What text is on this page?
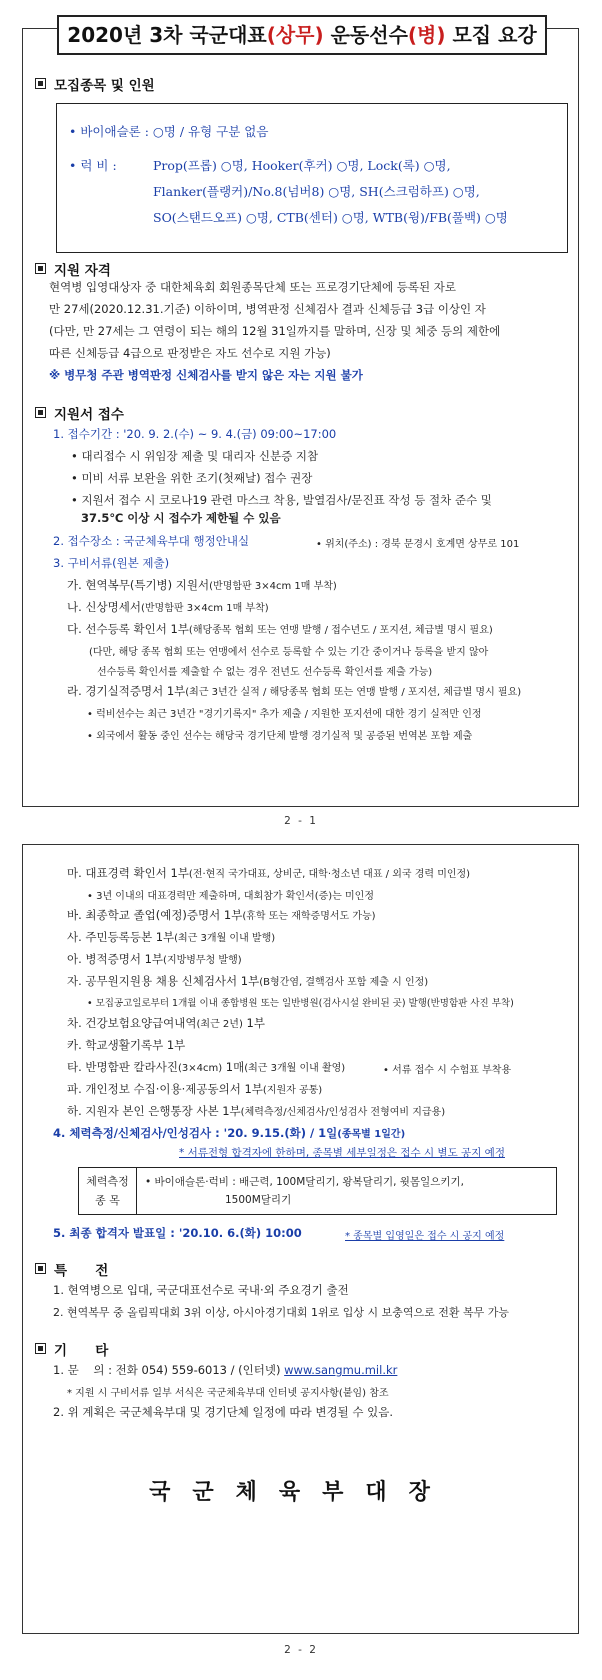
2020년 3차 국군대표(상무) 운동선수(병) 모집 요강
모집종목 및 인원
• 바이애슬론 : ○명 / 유형 구분 없음
• 럭 비 :	Prop(프롭) ○명, Hooker(후커) ○명, Lock(록) ○명,
Flanker(플랭커)/No.8(넘버8) ○명, SH(스크럼하프) ○명,
SO(스탠드오프) ○명, CTB(센터) ○명, WTB(윙)/FB(풀백) ○명
지원 자격
현역병 입영대상자 중 대한체육회 회원종목단체 또는 프로경기단체에 등록된 자로
만 27세(2020.12.31.기준) 이하이며, 병역판정 신체검사 결과 신체등급 3급 이상인 자
(다만, 만 27세는 그 연령이 되는 해의 12월 31일까지를 말하며, 신장 및 체중 등의 제한에
따른 신체등급 4급으로 판정받은 자도 선수로 지원 가능)
※ 병무청 주관 병역판정 신체검사를 받지 않은 자는 지원 불가
지원서 접수
1. 접수기간 : '20. 9. 2.(수) ~ 9. 4.(금) 09:00~17:00
• 대리접수 시 위임장 제출 및 대리자 신분증 지참
• 미비 서류 보완을 위한 조기(첫째날) 접수 권장
• 지원서 접수 시 코로나19 관련 마스크 착용, 발열검사/문진표 작성 등 절차 준수 및
37.5℃ 이상 시 접수가 제한될 수 있음
2. 접수장소 : 국군체육부대 행정안내실	• 위치(주소) : 경북 문경시 호계면 상무로 101
3. 구비서류(원본 제출)
가. 현역복무(특기병) 지원서(반명함판 3×4cm 1매 부착)
나. 신상명세서(반명함판 3×4cm 1매 부착)
다. 선수등록 확인서 1부(해당종목 협회 또는 연맹 발행 / 접수년도 / 포지션, 체급별 명시 필요)
(다만, 해당 종목 협회 또는 연맹에서 선수로 등록할 수 있는 기간 중이거나 등록을 받지 않아
선수등록 확인서를 제출할 수 없는 경우 전년도 선수등록 확인서를 제출 가능)
라. 경기실적증명서 1부(최근 3년간 실적 / 해당종목 협회 또는 연맹 발행 / 포지션, 체급별 명시 필요)
• 럭비선수는 최근 3년간 "경기기록지" 추가 제출 / 지원한 포지션에 대한 경기 실적만 인정
• 외국에서 활동 중인 선수는 해당국 경기단체 발행 경기실적 및 공증된 번역본 포함 제출
2 - 1
마. 대표경력 확인서 1부(전·현직 국가대표, 상비군, 대학·청소년 대표 / 외국 경력 미인정)
• 3년 이내의 대표경력만 제출하며, 대회참가 확인서(증)는 미인정
바. 최종학교 졸업(예정)증명서 1부(휴학 또는 재학증명서도 가능)
사. 주민등록등본 1부(최근 3개월 이내 발행)
아. 병적증명서 1부(지방병무청 발행)
자. 공무원지원용 채용 신체검사서 1부(B형간염, 결핵검사 포함 제출 시 인정)
• 모집공고일로부터 1개월 이내 종합병원 또는 일반병원(검사시설 완비된 곳) 발행(반명함판 사진 부착)
차. 건강보험요양급여내역(최근 2년) 1부
카. 학교생활기록부 1부
타. 반명함판 칼라사진(3×4cm) 1매(최근 3개월 이내 촬영)	• 서류 접수 시 수험표 부착용
파. 개인정보 수집·이용·제공동의서 1부(지원자 공통)
하. 지원자 본인 은행통장 사본 1부(체력측정/신체검사/인성검사 전형여비 지급용)
4. 체력측정/신체검사/인성검사 : '20. 9.15.(화) / 1일(종목별 1일간)
* 서류전형 합격자에 한하며, 종목별 세부일정은 접수 시 별도 공지 예정
체력측정
종 목
• 바이애슬론·럭비 : 배근력, 100M달리기, 왕복달리기, 윗몸일으키기,
1500M달리기
5. 최종 합격자 발표일 : '20.10. 6.(화) 10:00	* 종목별 입영일은 접수 시 공지 예정
특      전
1. 현역병으로 입대, 국군대표선수로 국내·외 주요경기 출전
2. 현역복무 중 올림픽대회 3위 이상, 아시아경기대회 1위로 입상 시 보충역으로 전환 복무 가능
기      타
1. 문    의 : 전화 054) 559-6013 / (인터넷) www.sangmu.mil.kr
* 지원 시 구비서류 일부 서식은 국군체육부대 인터넷 공지사항(붙임) 참조
2. 위 계획은 국군체육부대 및 경기단체 일정에 따라 변경될 수 있음.
국군체육부대장
2 - 2
